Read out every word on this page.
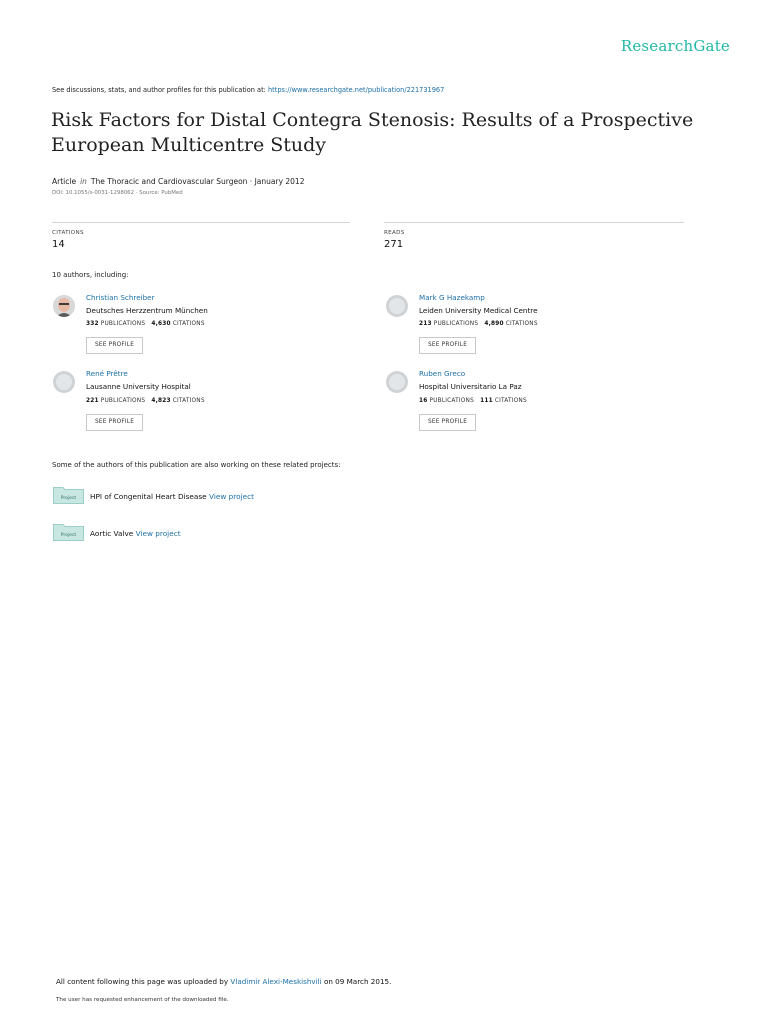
ResearchGate
See discussions, stats, and author profiles for this publication at: https://www.researchgate.net/publication/221731967
Risk Factors for Distal Contegra Stenosis: Results of a Prospective European Multicentre Study
Article in The Thoracic and Cardiovascular Surgeon · January 2012
DOI: 10.1055/s-0031-1298062 · Source: PubMed
CITATIONS
14
READS
271
10 authors, including:
Christian Schreiber
Deutsches Herzzentrum München
332 PUBLICATIONS 4,630 CITATIONS
SEE PROFILE
Mark G Hazekamp
Leiden University Medical Centre
213 PUBLICATIONS 4,890 CITATIONS
SEE PROFILE
René Prêtre
Lausanne University Hospital
221 PUBLICATIONS 4,823 CITATIONS
SEE PROFILE
Ruben Greco
Hospital Universitario La Paz
16 PUBLICATIONS 111 CITATIONS
SEE PROFILE
Some of the authors of this publication are also working on these related projects:
Project HPI of Congenital Heart Disease View project
Project Aortic Valve View project
All content following this page was uploaded by Vladimir Alexi-Meskishvili on 09 March 2015.
The user has requested enhancement of the downloaded file.
